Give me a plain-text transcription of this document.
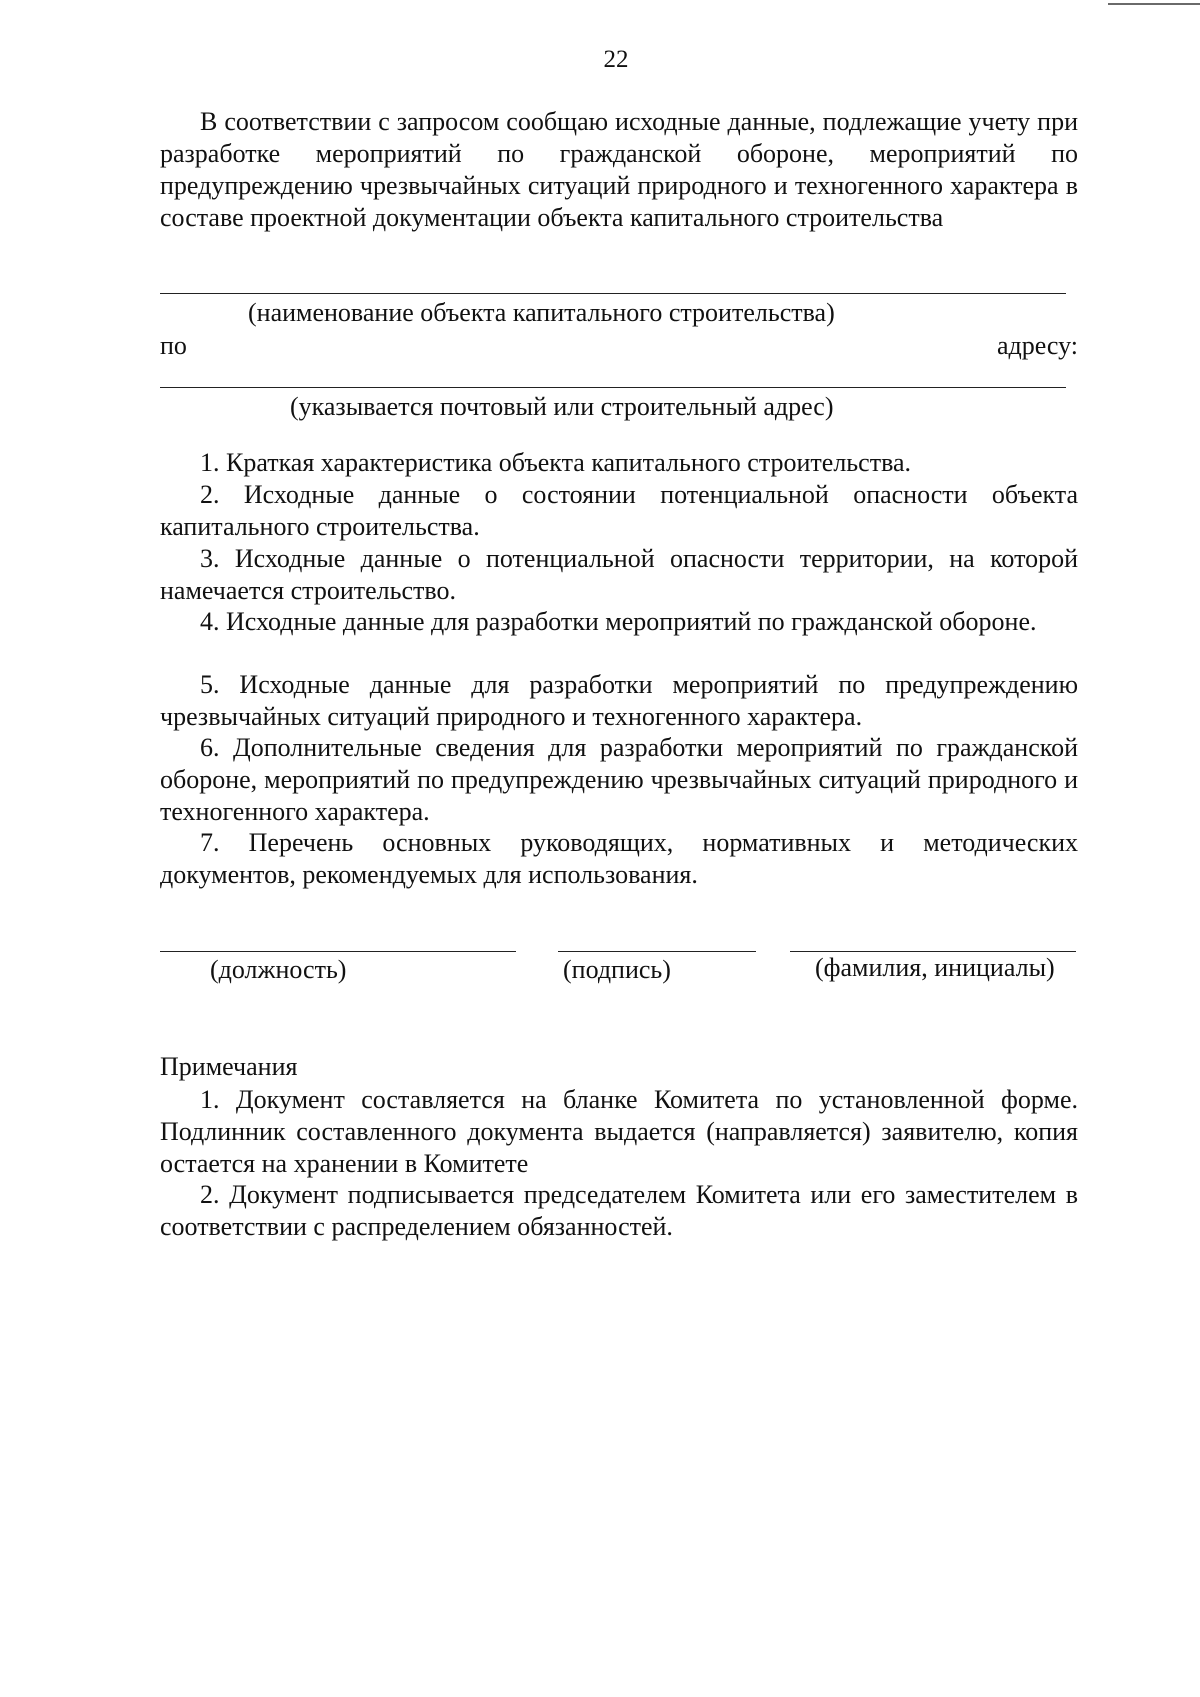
22

В соответствии с запросом сообщаю исходные данные, подлежащие учету при разработке мероприятий по гражданской обороне, мероприятий по предупреждению чрезвычайных ситуаций природного и техногенного характера в составе проектной документации объекта капитального строительства

(наименование объекта капитального строительства)
по	адресу:
(указывается почтовый или строительный адрес)

1. Краткая характеристика объекта капитального строительства.

2. Исходные данные о состоянии потенциальной опасности объекта капитального строительства.

3. Исходные данные о потенциальной опасности территории, на которой намечается строительство.

4. Исходные данные для разработки мероприятий по гражданской обороне.

5. Исходные данные для разработки мероприятий по предупреждению чрезвычайных ситуаций природного и техногенного характера.

6. Дополнительные сведения для разработки мероприятий по гражданской обороне, мероприятий по предупреждению чрезвычайных ситуаций природного и техногенного характера.

7. Перечень основных руководящих, нормативных и методических документов, рекомендуемых для использования.

(должность)	(подпись)	(фамилия, инициалы)
Примечания

1. Документ составляется на бланке Комитета по установленной форме. Подлинник составленного документа выдается (направляется) заявителю, копия остается на хранении в Комитете

2. Документ подписывается председателем Комитета или его заместителем в соответствии с распределением обязанностей.
